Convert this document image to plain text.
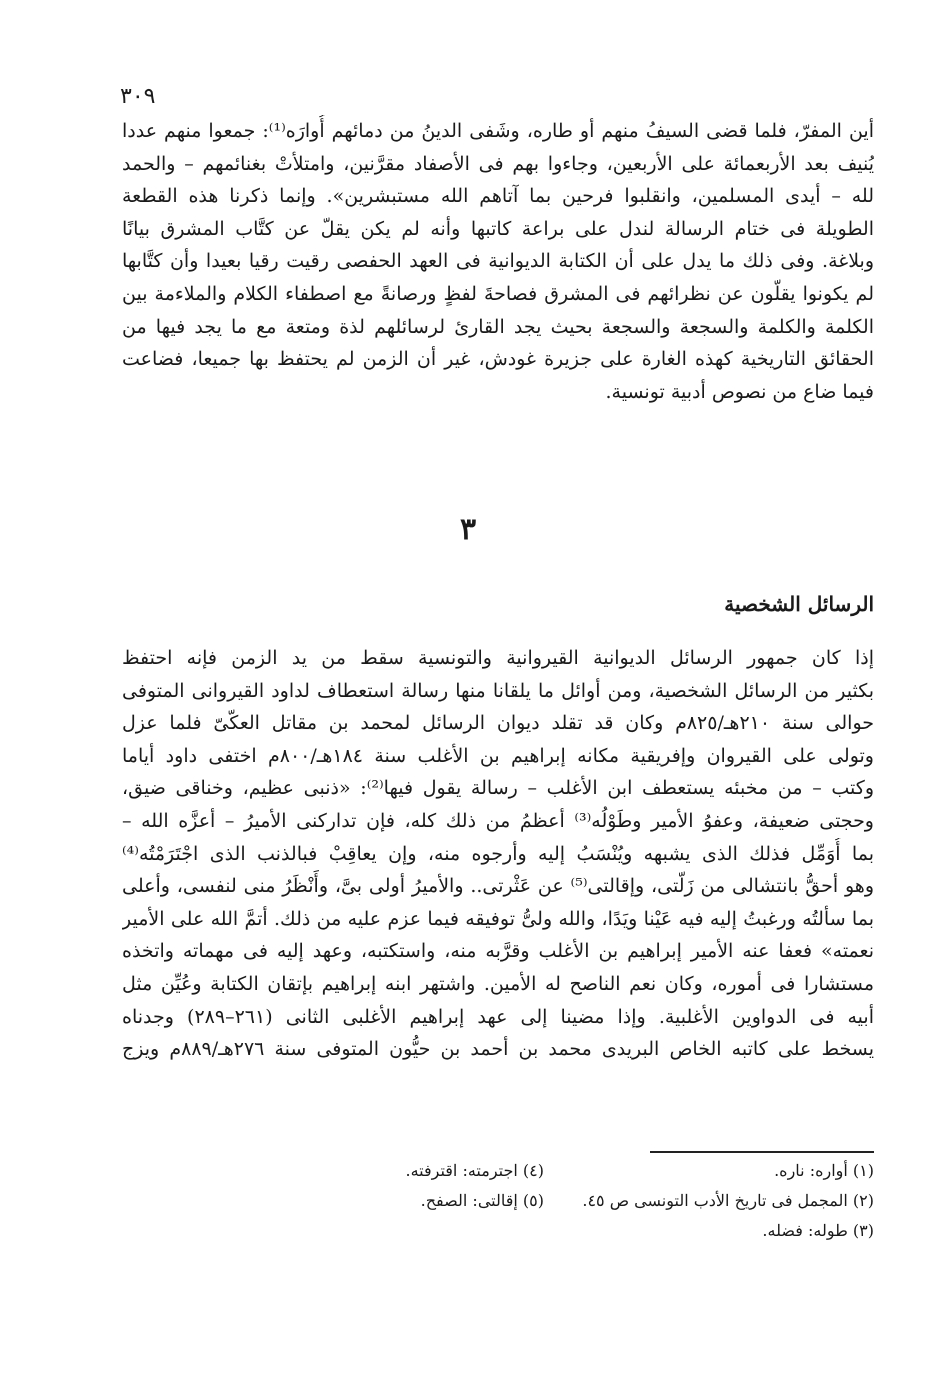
٣٠٩
أين المفرّ، فلما قضى السيفُ منهم أو طاره، وشَفى الدينُ من دمائهم أُوارَه⁽¹⁾: جمعوا منهم عددا
يُنيف بعد الأربعمائة على الأربعين، وجاءوا بهم فى الأصفاد مقرَّنين، وامتلأتْ بغنائمهم – والحمد
لله – أيدى المسلمين، وانقلبوا فرحين بما آتاهم الله مستبشرين». وإنما ذكرنا هذه القطعة
الطويلة فى ختام الرسالة لندل على براعة كاتبها وأنه لم يكن يقلّ عن كتَّاب المشرق بيانًا
وبلاغة. وفى ذلك ما يدل على أن الكتابة الديوانية فى العهد الحفصى رقيت رقيا بعيدا وأن كتَّابها
لم يكونوا يقلّون عن نظرائهم فى المشرق فصاحةَ لفظٍ ورصانةً مع اصطفاء الكلام والملاءمة بين
الكلمة والكلمة والسجعة والسجعة بحيث يجد القارئ لرسائلهم لذة ومتعة مع ما يجد فيها من
الحقائق التاريخية كهذه الغارة على جزيرة غودش، غير أن الزمن لم يحتفظ بها جميعا، فضاعت
فيما ضاع من نصوص أدبية تونسية.
٣
الرسائل الشخصية
إذا كان جمهور الرسائل الديوانية القيروانية والتونسية سقط من يد الزمن فإنه احتفظ
بكثير من الرسائل الشخصية، ومن أوائل ما يلقانا منها رسالة استعطاف لداود القيروانى المتوفى
حوالى سنة ٢١٠هـ/٨٢٥م وكان قد تقلد ديوان الرسائل لمحمد بن مقاتل العكّىّ فلما عزل
وتولى على القيروان وإفريقية مكانه إبراهيم بن الأغلب سنة ١٨٤هـ/٨٠٠م اختفى داود أياما
وكتب – من مخبئه يستعطف ابن الأغلب – رسالة يقول فيها⁽²⁾: «ذنبى عظيم، وخناقى ضيق،
وحجتى ضعيفة، وعفوُ الأمير وطَوْلُه⁽³⁾ أعظمُ من ذلك كله، فإن تداركنى الأميرُ – أعزَّه الله –
بما أُوَمِّل فذلك الذى يشبهه ويُنْسَبُ إليه وأرجوه منه، وإن يعاقِبْ فبالذنب الذى اجْتَرَمْتُه⁽⁴⁾
وهو أحقُّ بانتشالى من زَلّتى، وإقالتى⁽⁵⁾ عن عَثْرتى.. والأميرُ أولى بىَّ، وأَنْظَرُ منى لنفسى، وأعلى
بما سألتُه ورغبتُ إليه فيه عَيْنا ويَدًا، والله ولىُّ توفيقه فيما عزم عليه من ذلك. أتمَّ الله على الأمير
نعمته» فعفا عنه الأمير إبراهيم بن الأغلب وقرَّبه منه، واستكتبه، وعهد إليه فى مهماته واتخذه
مستشارا فى أموره، وكان نعم الناصح له الأمين. واشتهر ابنه إبراهيم بإتقان الكتابة وعُيِّن مثل
أبيه فى الدواوين الأغلبية. وإذا مضينا إلى عهد إبراهيم الأغلبى الثانى (٢٦١–٢٨٩) وجدناه
يسخط على كاتبه الخاص البريدى محمد بن أحمد بن حيُّون المتوفى سنة ٢٧٦هـ/٨٨٩م ويزج
(١) أواره: ناره.
(٤) اجترمته: اقترفته.
(٢) المجمل فى تاريخ الأدب التونسى ص ٤٥.
(٥) إقالتى: الصفح.
(٣) طوله: فضله.
